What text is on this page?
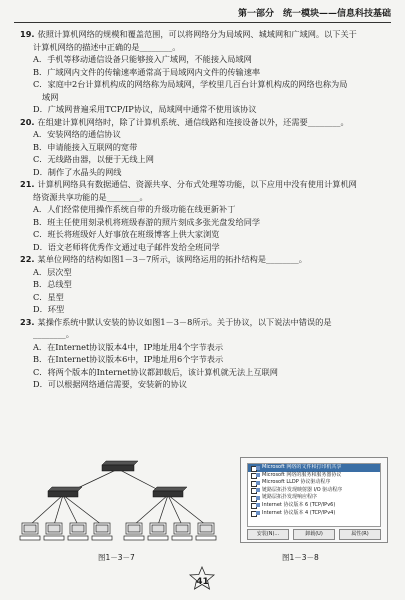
第一部分　统一模块——信息科技基础

19. 依照计算机网络的规模和覆盖范围，可以将网络分为局域网、城域网和广域网。以下关于

计算机网络的描述中正确的是________。

A．手机等移动通信设备只能够接入广域网，不能接入局域网

B．广域网内文件的传输速率通常高于局域网内文件的传输速率

C．家庭中2台计算机构成的网络称为局域网，学校里几百台计算机构成的网络也称为局

域网

D．广域网普遍采用TCP/IP协议，局域网中通常不使用该协议

20. 在组建计算机网络时，除了计算机系统、通信线路和连接设备以外，还需要________。

A．安装网络的通信协议

B．申请能接入互联网的宽带

C．无线路由器，以便于无线上网

D．制作了水晶头的网线

21. 计算机网络具有数据通信、资源共享、分布式处理等功能，以下应用中没有使用计算机网

络资源共享功能的是________。

A．人们经常使用操作系统自带的升级功能在线更新补丁

B．班主任使用刻录机将班级春游的照片刻成多张光盘发给同学

C．班长将班级好人好事放在班级博客上供大家浏览

D．语文老师将优秀作文通过电子邮件发给全班同学

22. 某单位网络的结构如图1－3－7所示，该网络运用的拓扑结构是________。

A．层次型

B．总线型

C．星型

D．环型

23. 某操作系统中默认安装的协议如图1－3－8所示。关于协议，以下说法中错误的是

________。

A．在Internet协议版本4中，IP地址用4个字节表示

B．在Internet协议版本6中，IP地址用6个字节表示

C．将两个版本的Internet协议都卸载后，该计算机就无法上互联网

D．可以根据网络通信需要，安装新的协议

图1－3－7
Microsoft 网络的文件和打印机共享
Microsoft 网络的服务和服务器协议
Microsoft LLDP 协议驱动程序
链路层拓扑发现映射器 I/O 驱动程序
链路层拓扑发现响应程序
Internet 协议版本 6 (TCP/IPv6)
Internet 协议版本 4 (TCP/IPv4)
安装(N)...	卸载(U)	属性(R)
图1－3－8
41
